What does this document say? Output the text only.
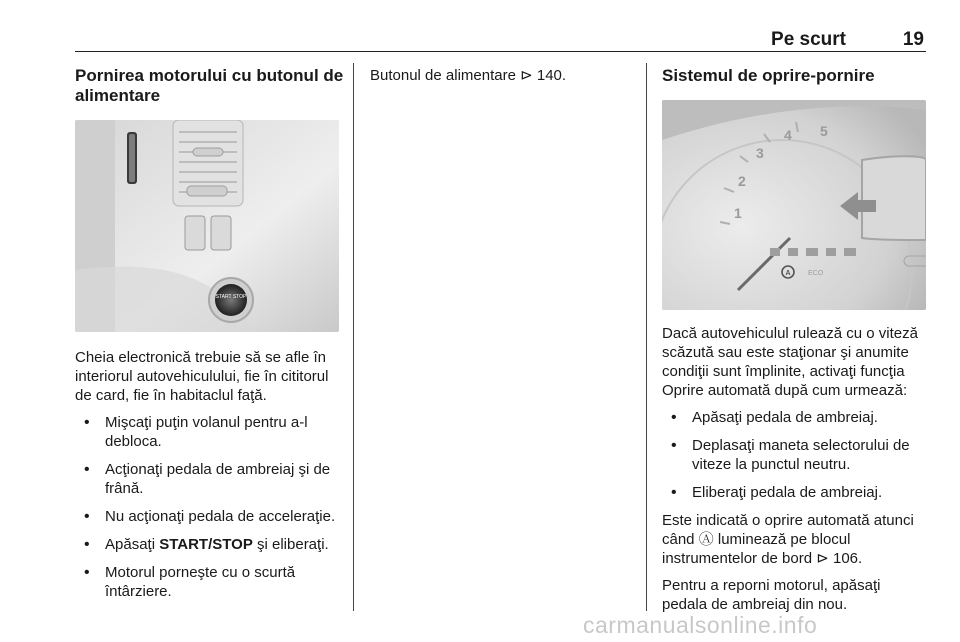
Pe scurt	19
Pornirea motorului cu butonul de alimentare
START STOP

Cheia electronică trebuie să se afle în interiorul autovehiculului, fie în cititorul de card, fie în habitaclul faţă.

• Mişcaţi puţin volanul pentru a-l debloca.
• Acţionaţi pedala de ambreiaj şi de frână.
• Nu acţionaţi pedala de acceleraţie.
• Apăsaţi START/STOP şi eliberaţi.
• Motorul porneşte cu o scurtă întârziere.

Butonul de alimentare ⊳ 140.	Sistemul de oprire-pornire
1
2
3
4 5
A ECO

Dacă autovehiculul rulează cu o viteză scăzută sau este staţionar şi anumite condiţii sunt împlinite, activaţi funcţia Oprire automată după cum urmează:

• Apăsaţi pedala de ambreiaj.
• Deplasaţi maneta selectorului de viteze la punctul neutru.
• Eliberaţi pedala de ambreiaj.

Este indicată o oprire automată atunci când Ⓐ luminează pe blocul instrumentelor de bord ⊳ 106.

Pentru a reporni motorul, apăsaţi pedala de ambreiaj din nou.

carmanualsonline.info
